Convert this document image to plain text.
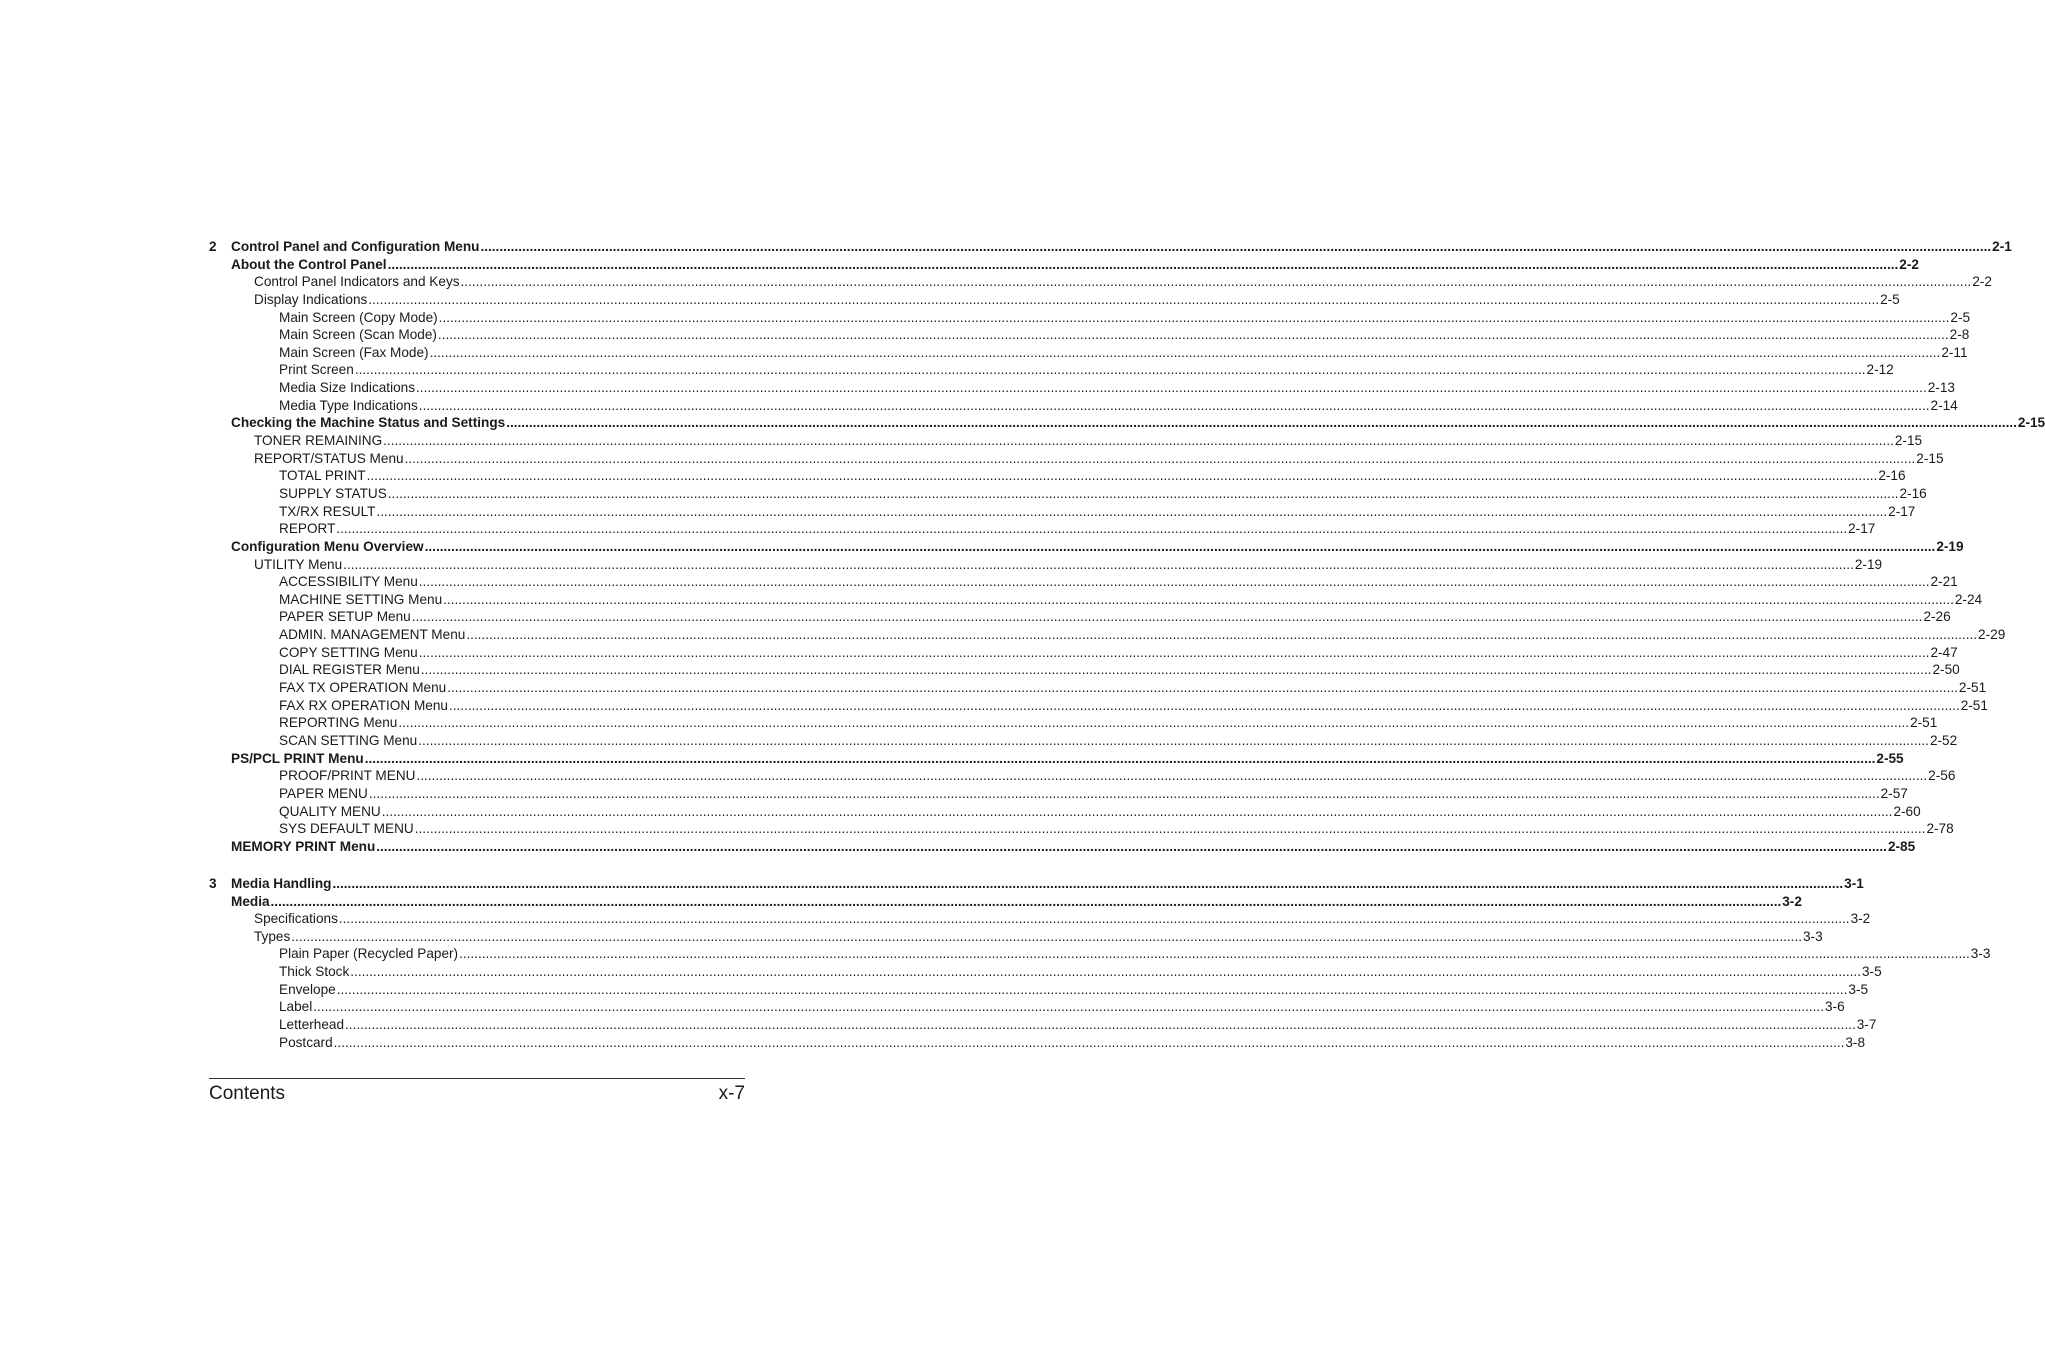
2 Control Panel and Configuration Menu ................................................................................................................................................................................................................................................................................................................................................................................................................ 2-1
About the Control Panel ................................................................................................................................................................................................................................................................................................................................................................................................................ 2-2
Control Panel Indicators and Keys ................................................................................................................................................................................................................................................................................................................................................................................................................ 2-2
Display Indications ................................................................................................................................................................................................................................................................................................................................................................................................................ 2-5
Main Screen (Copy Mode) ................................................................................................................................................................................................................................................................................................................................................................................................................ 2-5
Main Screen (Scan Mode) ................................................................................................................................................................................................................................................................................................................................................................................................................ 2-8
Main Screen (Fax Mode) ................................................................................................................................................................................................................................................................................................................................................................................................................ 2-11
Print Screen ................................................................................................................................................................................................................................................................................................................................................................................................................ 2-12
Media Size Indications ................................................................................................................................................................................................................................................................................................................................................................................................................ 2-13
Media Type Indications ................................................................................................................................................................................................................................................................................................................................................................................................................ 2-14
Checking the Machine Status and Settings ................................................................................................................................................................................................................................................................................................................................................................................................................ 2-15
TONER REMAINING ................................................................................................................................................................................................................................................................................................................................................................................................................ 2-15
REPORT/STATUS Menu ................................................................................................................................................................................................................................................................................................................................................................................................................ 2-15
TOTAL PRINT ................................................................................................................................................................................................................................................................................................................................................................................................................ 2-16
SUPPLY STATUS ................................................................................................................................................................................................................................................................................................................................................................................................................ 2-16
TX/RX RESULT ................................................................................................................................................................................................................................................................................................................................................................................................................ 2-17
REPORT ................................................................................................................................................................................................................................................................................................................................................................................................................ 2-17
Configuration Menu Overview ................................................................................................................................................................................................................................................................................................................................................................................................................ 2-19
UTILITY Menu ................................................................................................................................................................................................................................................................................................................................................................................................................ 2-19
ACCESSIBILITY Menu ................................................................................................................................................................................................................................................................................................................................................................................................................ 2-21
MACHINE SETTING Menu ................................................................................................................................................................................................................................................................................................................................................................................................................ 2-24
PAPER SETUP Menu ................................................................................................................................................................................................................................................................................................................................................................................................................ 2-26
ADMIN. MANAGEMENT Menu ................................................................................................................................................................................................................................................................................................................................................................................................................ 2-29
COPY SETTING Menu ................................................................................................................................................................................................................................................................................................................................................................................................................ 2-47
DIAL REGISTER Menu ................................................................................................................................................................................................................................................................................................................................................................................................................ 2-50
FAX TX OPERATION Menu ................................................................................................................................................................................................................................................................................................................................................................................................................ 2-51
FAX RX OPERATION Menu ................................................................................................................................................................................................................................................................................................................................................................................................................ 2-51
REPORTING Menu ................................................................................................................................................................................................................................................................................................................................................................................................................ 2-51
SCAN SETTING Menu ................................................................................................................................................................................................................................................................................................................................................................................................................ 2-52
PS/PCL PRINT Menu ................................................................................................................................................................................................................................................................................................................................................................................................................ 2-55
PROOF/PRINT MENU ................................................................................................................................................................................................................................................................................................................................................................................................................ 2-56
PAPER MENU ................................................................................................................................................................................................................................................................................................................................................................................................................ 2-57
QUALITY MENU ................................................................................................................................................................................................................................................................................................................................................................................................................ 2-60
SYS DEFAULT MENU ................................................................................................................................................................................................................................................................................................................................................................................................................ 2-78
MEMORY PRINT Menu ................................................................................................................................................................................................................................................................................................................................................................................................................ 2-85
3 Media Handling ................................................................................................................................................................................................................................................................................................................................................................................................................ 3-1
Media ................................................................................................................................................................................................................................................................................................................................................................................................................ 3-2
Specifications ................................................................................................................................................................................................................................................................................................................................................................................................................ 3-2
Types ................................................................................................................................................................................................................................................................................................................................................................................................................ 3-3
Plain Paper (Recycled Paper) ................................................................................................................................................................................................................................................................................................................................................................................................................ 3-3
Thick Stock ................................................................................................................................................................................................................................................................................................................................................................................................................ 3-5
Envelope ................................................................................................................................................................................................................................................................................................................................................................................................................ 3-5
Label ................................................................................................................................................................................................................................................................................................................................................................................................................ 3-6
Letterhead ................................................................................................................................................................................................................................................................................................................................................................................................................ 3-7
Postcard ................................................................................................................................................................................................................................................................................................................................................................................................................ 3-8
Contents	x-7
